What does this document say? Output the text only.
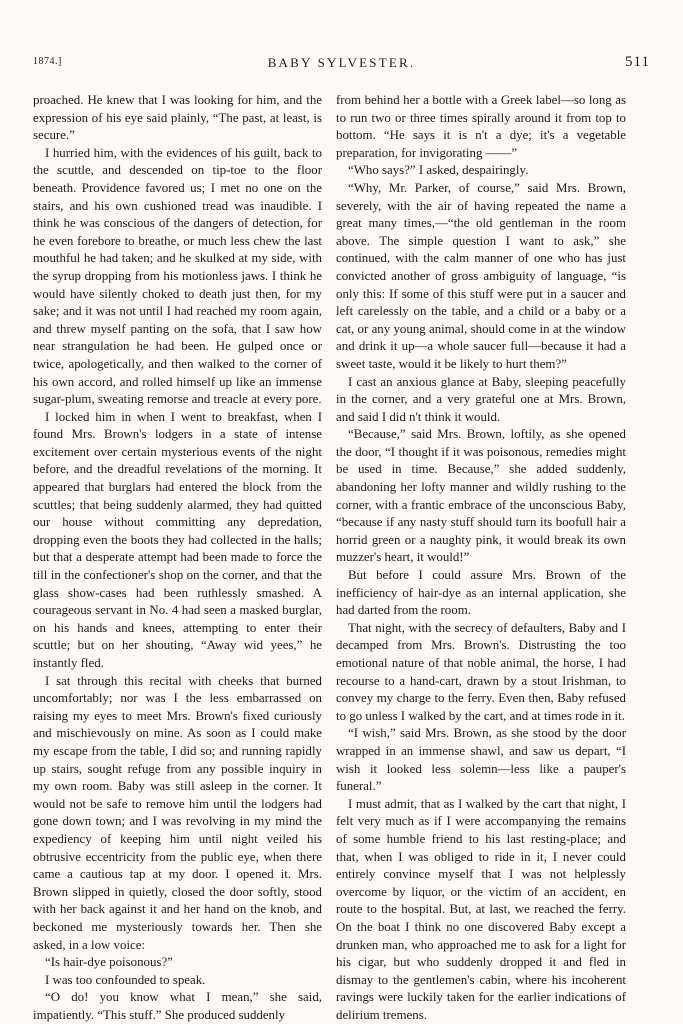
1874.]	BABY SYLVESTER.	511

proached. He knew that I was looking for him, and the expression of his eye said plainly, “The past, at least, is secure.”

I hurried him, with the evidences of his guilt, back to the scuttle, and descended on tip-toe to the floor beneath. Providence favored us; I met no one on the stairs, and his own cushioned tread was inaudible. I think he was conscious of the dangers of detection, for he even forebore to breathe, or much less chew the last mouthful he had taken; and he skulked at my side, with the syrup dropping from his motionless jaws. I think he would have silently choked to death just then, for my sake; and it was not until I had reached my room again, and threw myself panting on the sofa, that I saw how near strangulation he had been. He gulped once or twice, apologetically, and then walked to the corner of his own accord, and rolled himself up like an immense sugar-plum, sweating remorse and treacle at every pore.

I locked him in when I went to breakfast, when I found Mrs. Brown's lodgers in a state of intense excitement over certain mysterious events of the night before, and the dreadful revelations of the morning. It appeared that burglars had entered the block from the scuttles; that being suddenly alarmed, they had quitted our house without committing any depredation, dropping even the boots they had collected in the halls; but that a desperate attempt had been made to force the till in the confectioner's shop on the corner, and that the glass show-cases had been ruthlessly smashed. A courageous servant in No. 4 had seen a masked burglar, on his hands and knees, attempting to enter their scuttle; but on her shouting, “Away wid yees,” he instantly fled.

I sat through this recital with cheeks that burned uncomfortably; nor was I the less embarrassed on raising my eyes to meet Mrs. Brown's fixed curiously and mischievously on mine. As soon as I could make my escape from the table, I did so; and running rapidly up stairs, sought refuge from any possible inquiry in my own room. Baby was still asleep in the corner. It would not be safe to remove him until the lodgers had gone down town; and I was revolving in my mind the expediency of keeping him until night veiled his obtrusive eccentricity from the public eye, when there came a cautious tap at my door. I opened it. Mrs. Brown slipped in quietly, closed the door softly, stood with her back against it and her hand on the knob, and beckoned me mysteriously towards her. Then she asked, in a low voice:

“Is hair-dye poisonous?”

I was too confounded to speak.

“O do! you know what I mean,” she said, impatiently. “This stuff.” She produced suddenly

from behind her a bottle with a Greek label—so long as to run two or three times spirally around it from top to bottom. “He says it is n't a dye; it's a vegetable preparation, for invigorating ——”

“Who says?” I asked, despairingly.

“Why, Mr. Parker, of course,” said Mrs. Brown, severely, with the air of having repeated the name a great many times,—“the old gentleman in the room above. The simple question I want to ask,” she continued, with the calm manner of one who has just convicted another of gross ambiguity of language, “is only this: If some of this stuff were put in a saucer and left carelessly on the table, and a child or a baby or a cat, or any young animal, should come in at the window and drink it up—a whole saucer full—because it had a sweet taste, would it be likely to hurt them?”

I cast an anxious glance at Baby, sleeping peacefully in the corner, and a very grateful one at Mrs. Brown, and said I did n't think it would.

“Because,” said Mrs. Brown, loftily, as she opened the door, “I thought if it was poisonous, remedies might be used in time. Because,” she added suddenly, abandoning her lofty manner and wildly rushing to the corner, with a frantic embrace of the unconscious Baby, “because if any nasty stuff should turn its boofull hair a horrid green or a naughty pink, it would break its own muzzer's heart, it would!”

But before I could assure Mrs. Brown of the inefficiency of hair-dye as an internal application, she had darted from the room.

That night, with the secrecy of defaulters, Baby and I decamped from Mrs. Brown's. Distrusting the too emotional nature of that noble animal, the horse, I had recourse to a hand-cart, drawn by a stout Irishman, to convey my charge to the ferry. Even then, Baby refused to go unless I walked by the cart, and at times rode in it.

“I wish,” said Mrs. Brown, as she stood by the door wrapped in an immense shawl, and saw us depart, “I wish it looked less solemn—less like a pauper's funeral.”

I must admit, that as I walked by the cart that night, I felt very much as if I were accompanying the remains of some humble friend to his last resting-place; and that, when I was obliged to ride in it, I never could entirely convince myself that I was not helplessly overcome by liquor, or the victim of an accident, en route to the hospital. But, at last, we reached the ferry. On the boat I think no one discovered Baby except a drunken man, who approached me to ask for a light for his cigar, but who suddenly dropped it and fled in dismay to the gentlemen's cabin, where his incoherent ravings were luckily taken for the earlier indications of delirium tremens.
